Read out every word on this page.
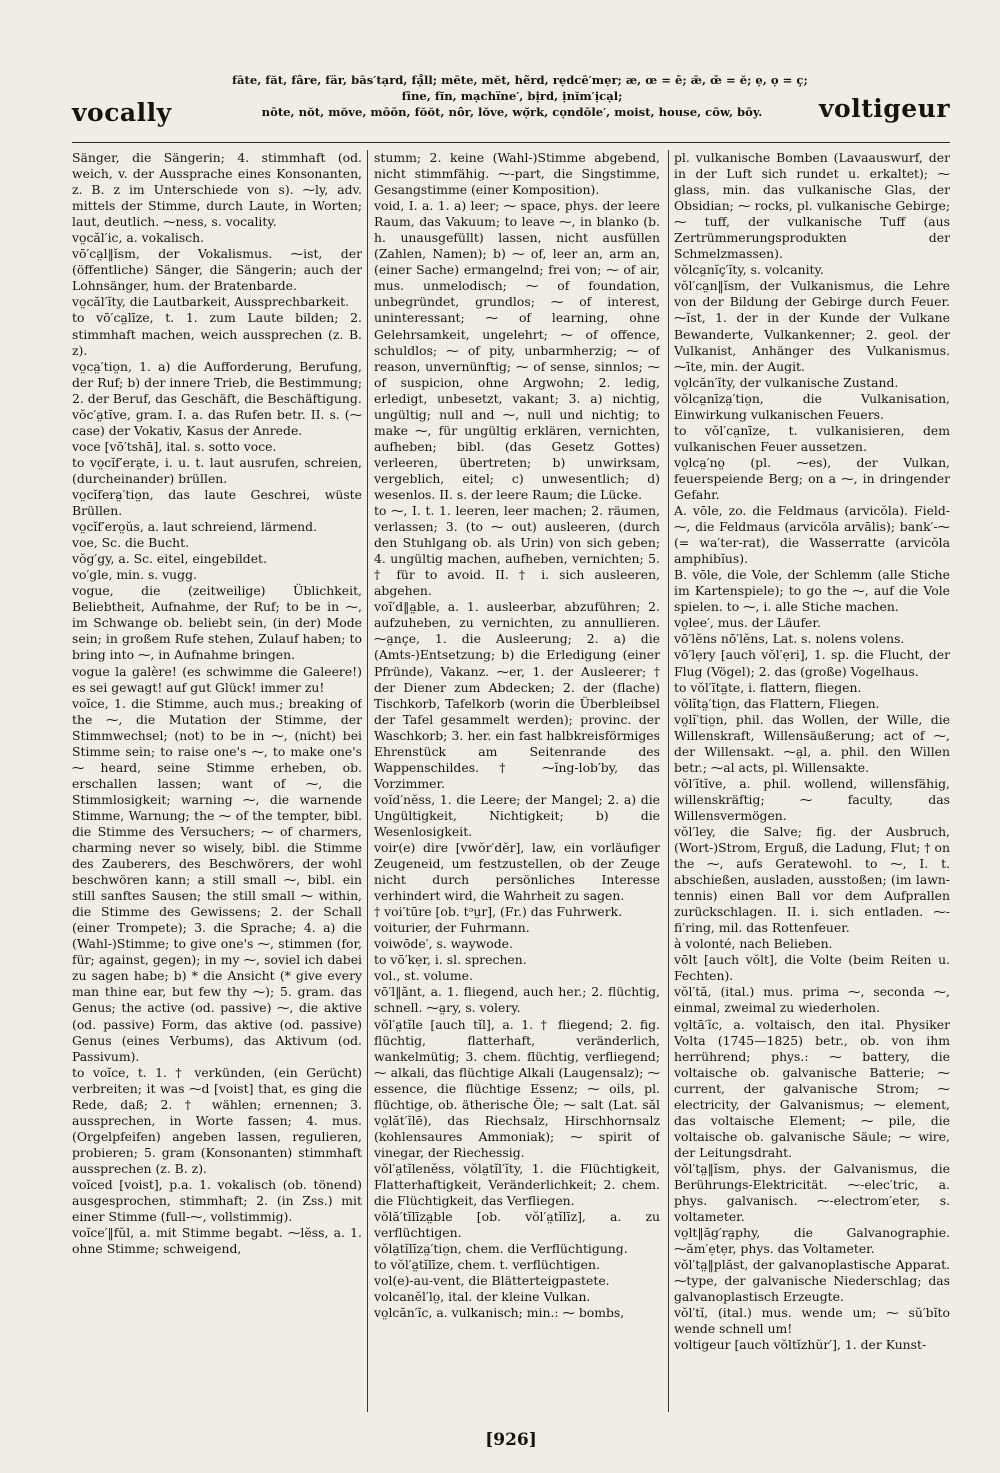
vocally
fāte, făt, fâre, fär, bās′tạrd, fạ̊ll; mēte, mĕt, hẽrd, rẹdcē′mẹr; æ, œ = ē; ǣ, œ̄ = ĕ; ẹ, ọ = ç;
fīne, fĭn, mạchïne′, bịrd, ịnĭm′ịcạl;
nōte, nŏt, mŏve, mōōn, fŏŏt, nôr, lŏve, wọ̆rk, cọndōle′, moist, house, cōw, bōy.	voltigeur

Sänger, die Sängerin; 4. stimmhaft (od. weich, v. der Aussprache eines Konsonanten, z. B. z im Unterschiede von s). ⁓ly, adv. mittels der Stimme, durch Laute, in Worten; laut, deutlich. ⁓ness, s. vocality.

vo̤căl′ic, a. vokalisch.

vō′ca̤l‖ĭsm, der Vokalismus. ⁓ist, der (öffentliche) Sänger, die Sängerin; auch der Lohnsänger, hum. der Bratenbarde.

vo̤căl′ĭty, die Lautbarkeit, Aussprechbarkeit.

to vō′ca̤līze, t. 1. zum Laute bilden; 2. stimmhaft machen, weich aussprechen (z. B. z).

vo̤ca̤′tio̤n, 1. a) die Aufforderung, Berufung, der Ruf; b) der innere Trieb, die Bestimmung; 2. der Beruf, das Geschäft, die Beschäftigung.

vŏc′a̤tĭve, gram. I. a. das Rufen betr. II. s. (⁓ case) der Vokativ, Kasus der Anrede.

voce [vō′tshā], ital. s. sotto voce.

to vo̤cĭf′era̤te, i. u. t. laut ausrufen, schreien, (durcheinander) brüllen.

vo̤cĭfera̤′tio̤n, das laute Geschrei, wüste Brüllen.

vo̤cĭf′ero̤ŭs, a. laut schreiend, lärmend.

voe, Sc. die Bucht.

vŏg′gy, a. Sc. eitel, eingebildet.

vo′gle, min. s. vugg.

vogue, die (zeitweilige) Üblichkeit, Beliebtheit, Aufnahme, der Ruf; to be in ⁓, im Schwange ob. beliebt sein, (in der) Mode sein; in großem Rufe stehen, Zulauf haben; to bring into ⁓, in Aufnahme bringen.

vogue la galère! (es schwimme die Galeere!) es sei gewagt! auf gut Glück! immer zu!

voĭce, 1. die Stimme, auch mus.; breaking of the ⁓, die Mutation der Stimme, der Stimmwechsel; (not) to be in ⁓, (nicht) bei Stimme sein; to raise one's ⁓, to make one's ⁓ heard, seine Stimme erheben, ob. erschallen lassen; want of ⁓, die Stimmlosigkeit; warning ⁓, die warnende Stimme, Warnung; the ⁓ of the tempter, bibl. die Stimme des Versuchers; ⁓ of charmers, charming never so wisely, bibl. die Stimme des Zauberers, des Beschwörers, der wohl beschwören kann; a still small ⁓, bibl. ein still sanftes Sausen; the still small ⁓ within, die Stimme des Gewissens; 2. der Schall (einer Trompete); 3. die Sprache; 4. a) die (Wahl-)Stimme; to give one's ⁓, stimmen (for, für; against, gegen); in my ⁓, soviel ich dabei zu sagen habe; b) * die Ansicht (* give every man thine ear, but few thy ⁓); 5. gram. das Genus; the active (od. passive) ⁓, die aktive (od. passive) Form, das aktive (od. passive) Genus (eines Verbums), das Aktivum (od. Passivum).

to voĭce, t. 1. † verkünden, (ein Gerücht) verbreiten; it was ⁓d [voist] that, es ging die Rede, daß; 2. † wählen; ernennen; 3. aussprechen, in Worte fassen; 4. mus. (Orgelpfeifen) angeben lassen, regulieren, probieren; 5. gram (Konsonanten) stimmhaft aussprechen (z. B. z).

voĭced [voist], p.a. 1. vokalisch (ob. tönend) ausgesprochen, stimmhaft; 2. (in Zss.) mit einer Stimme (full-⁓, vollstimmig).

voĭce′‖fŭl, a. mit Stimme begabt. ⁓lĕss, a. 1. ohne Stimme; schweigend,

stumm; 2. keine (Wahl-)Stimme abgebend, nicht stimmfähig. ⁓-part, die Singstimme, Gesangstimme (einer Komposition).

void, I. a. 1. a) leer; ⁓ space, phys. der leere Raum, das Vakuum; to leave ⁓, in blanko (b. h. unausgefüllt) lassen, nicht ausfüllen (Zahlen, Namen); b) ⁓ of, leer an, arm an, (einer Sache) ermangelnd; frei von; ⁓ of air, mus. unmelodisch; ⁓ of foundation, unbegründet, grundlos; ⁓ of interest, uninteressant; ⁓ of learning, ohne Gelehrsamkeit, ungelehrt; ⁓ of offence, schuldlos; ⁓ of pity, unbarmherzig; ⁓ of reason, unvernünftig; ⁓ of sense, sinnlos; ⁓ of suspicion, ohne Argwohn; 2. ledig, erledigt, unbesetzt, vakant; 3. a) nichtig, ungültig; null and ⁓, null und nichtig; to make ⁓, für ungültig erklären, vernichten, aufheben; bibl. (das Gesetz Gottes) verleeren, übertreten; b) unwirksam, vergeblich, eitel; c) unwesentlich; d) wesenlos. II. s. der leere Raum; die Lücke.

to ⁓, I. t. 1. leeren, leer machen; 2. räumen, verlassen; 3. (to ⁓ out) ausleeren, (durch den Stuhlgang ob. als Urin) von sich geben; 4. ungültig machen, aufheben, vernichten; 5. † für to avoid. II. † i. sich ausleeren, abgehen.

voĭ′d‖a̤ble, a. 1. ausleerbar, abzuführen; 2. aufzuheben, zu vernichten, zu annullieren. ⁓a̤nçe, 1. die Ausleerung; 2. a) die (Amts-)Entsetzung; b) die Erledigung (einer Pfründe), Vakanz. ⁓er, 1. der Ausleerer; † der Diener zum Abdecken; 2. der (flache) Tischkorb, Tafelkorb (worin die Überbleibsel der Tafel gesammelt werden); provinc. der Waschkorb; 3. her. ein fast halbkreisförmiges Ehrenstück am Seitenrande des Wappenschildes. † ⁓ĭng-lob′by, das Vorzimmer.

voĭd′nĕss, 1. die Leere; der Mangel; 2. a) die Ungültigkeit, Nichtigkeit; b) die Wesenlosigkeit.

voir(e) dire [vwŏr′dĕr], law, ein vorläufiger Zeugeneid, um festzustellen, ob der Zeuge nicht durch persönliches Interesse verhindert wird, die Wahrheit zu sagen.

† voi′tūre [ob. tᵊṳr], (Fr.) das Fuhrwerk.

voiturier, der Fuhrmann.

voiwōde′, s. waywode.

to vō′kẹr, i. sl. sprechen.

vol., st. volume.

vō′l‖ănt, a. 1. fliegend, auch her.; 2. flüchtig, schnell. ⁓a̤ry, s. volery.

vŏl′a̤tĭle [auch tĭl], a. 1. † fliegend; 2. fig. flüchtig, flatterhaft, veränderlich, wankelmütig; 3. chem. flüchtig, verfliegend; ⁓ alkali, das flüchtige Alkali (Laugensalz); ⁓ essence, die flüchtige Essenz; ⁓ oils, pl. flüchtige, ob. ätherische Öle; ⁓ salt (Lat. săl vo̤lăt′ĭlē), das Riechsalz, Hirschhornsalz (kohlensaures Ammoniak); ⁓ spirit of vinegar, der Riechessig.

vŏl′a̤tĭlenĕss, vŏla̤tĭl′ĭty, 1. die Flüchtigkeit, Flatterhaftigkeit, Veränderlichkeit; 2. chem. die Flüchtigkeit, das Verfliegen.

vŏlă′tĭlīza̤ble [ob. vŏl′a̤tĭlīz], a. zu verflüchtigen.

vŏla̤tĭlīza̤′tio̤n, chem. die Verflüchtigung.

to vŏl′a̤tĭlīze, chem. t. verflüchtigen.

vol(e)-au-vent, die Blätterteigpastete.

volcanĕl′lo̤, ital. der kleine Vulkan.

vo̤lcăn′ĭc, a. vulkanisch; min.: ⁓ bombs,

pl. vulkanische Bomben (Lavaauswurf, der in der Luft sich rundet u. erkaltet); ⁓ glass, min. das vulkanische Glas, der Obsidian; ⁓ rocks, pl. vulkanische Gebirge; ⁓ tuff, der vulkanische Tuff (aus Zertrümmerungsprodukten der Schmelzmassen).

vŏlca̤nĭç′ĭty, s. volcanity.

vŏl′ca̤n‖ĭsm, der Vulkanismus, die Lehre von der Bildung der Gebirge durch Feuer. ⁓ĭst, 1. der in der Kunde der Vulkane Bewanderte, Vulkankenner; 2. geol. der Vulkanist, Anhänger des Vulkanismus. ⁓īte, min. der Augit.

vo̤lcăn′ĭty, der vulkanische Zustand.

vŏlca̤nīza̤′tio̤n, die Vulkanisation, Einwirkung vulkanischen Feuers.

to vŏl′ca̤nīze, t. vulkanisieren, dem vulkanischen Feuer aussetzen.

vo̤lca̤′no̤ (pl. ⁓es), der Vulkan, feuerspeiende Berg; on a ⁓, in dringender Gefahr.

A. vōle, zo. die Feldmaus (arvicŏla). Field-⁓, die Feldmaus (arvicŏla arvālis); bank′-⁓ (= wa′ter-rat), die Wasserratte (arvicŏla amphibĭus).

B. vōle, die Vole, der Schlemm (alle Stiche im Kartenspiele); to go the ⁓, auf die Vole spielen. to ⁓, i. alle Stiche machen.

vo̤lee′, mus. der Läufer.

vō′lĕns nō′lĕns, Lat. s. nolens volens.

vō′lẹry [auch vŏl′ẹri], 1. sp. die Flucht, der Flug (Vögel); 2. das (große) Vogelhaus.

to vŏl′ĭta̤te, i. flattern, fliegen.

vŏlĭta̤′tio̤n, das Flattern, Fliegen.

vo̤lĭ′tio̤n, phil. das Wollen, der Wille, die Willenskraft, Willensäußerung; act of ⁓, der Willensakt. ⁓a̤l, a. phil. den Willen betr.; ⁓al acts, pl. Willensakte.

vŏl′ĭtĭve, a. phil. wollend, willensfähig, willenskräftig; ⁓ faculty, das Willensvermögen.

vŏl′ley, die Salve; fig. der Ausbruch, (Wort-)Strom, Erguß, die Ladung, Flut; † on the ⁓, aufs Geratewohl. to ⁓, I. t. abschießen, ausladen, ausstoßen; (im lawn-tennis) einen Ball vor dem Aufprallen zurückschlagen. II. i. sich entladen. ⁓-fi′ring, mil. das Rottenfeuer.

à volonté, nach Belieben.

vōlt [auch vŏlt], die Volte (beim Reiten u. Fechten).

vŏl′tă, (ital.) mus. prima ⁓, seconda ⁓, einmal, zweimal zu wiederholen.

vo̤ltā′ĭc, a. voltaisch, den ital. Physiker Volta (1745—1825) betr., ob. von ihm herrührend; phys.: ⁓ battery, die voltaische ob. galvanische Batterie; ⁓ current, der galvanische Strom; ⁓ electricity, der Galvanismus; ⁓ element, das voltaische Element; ⁓ pile, die voltaische ob. galvanische Säule; ⁓ wire, der Leitungsdraht.

vŏl′ta̤‖ĭsm, phys. der Galvanismus, die Berührungs-Elektricität. ⁓-elec′tric, a. phys. galvanisch. ⁓-electrom′eter, s. voltameter.

vo̤lt‖ăg′ra̤phy, die Galvanographie. ⁓ăm′ẹtẹr, phys. das Voltameter.

vŏl′ta̤‖plăst, der galvanoplastische Apparat. ⁓type, der galvanische Niederschlag; das galvanoplastisch Erzeugte.

vŏl′tĭ, (ital.) mus. wende um; ⁓ sŭ′bĭto wende schnell um!

voltigeur [auch vŏltĭzhŭr′], 1. der Kunst-

[926]
